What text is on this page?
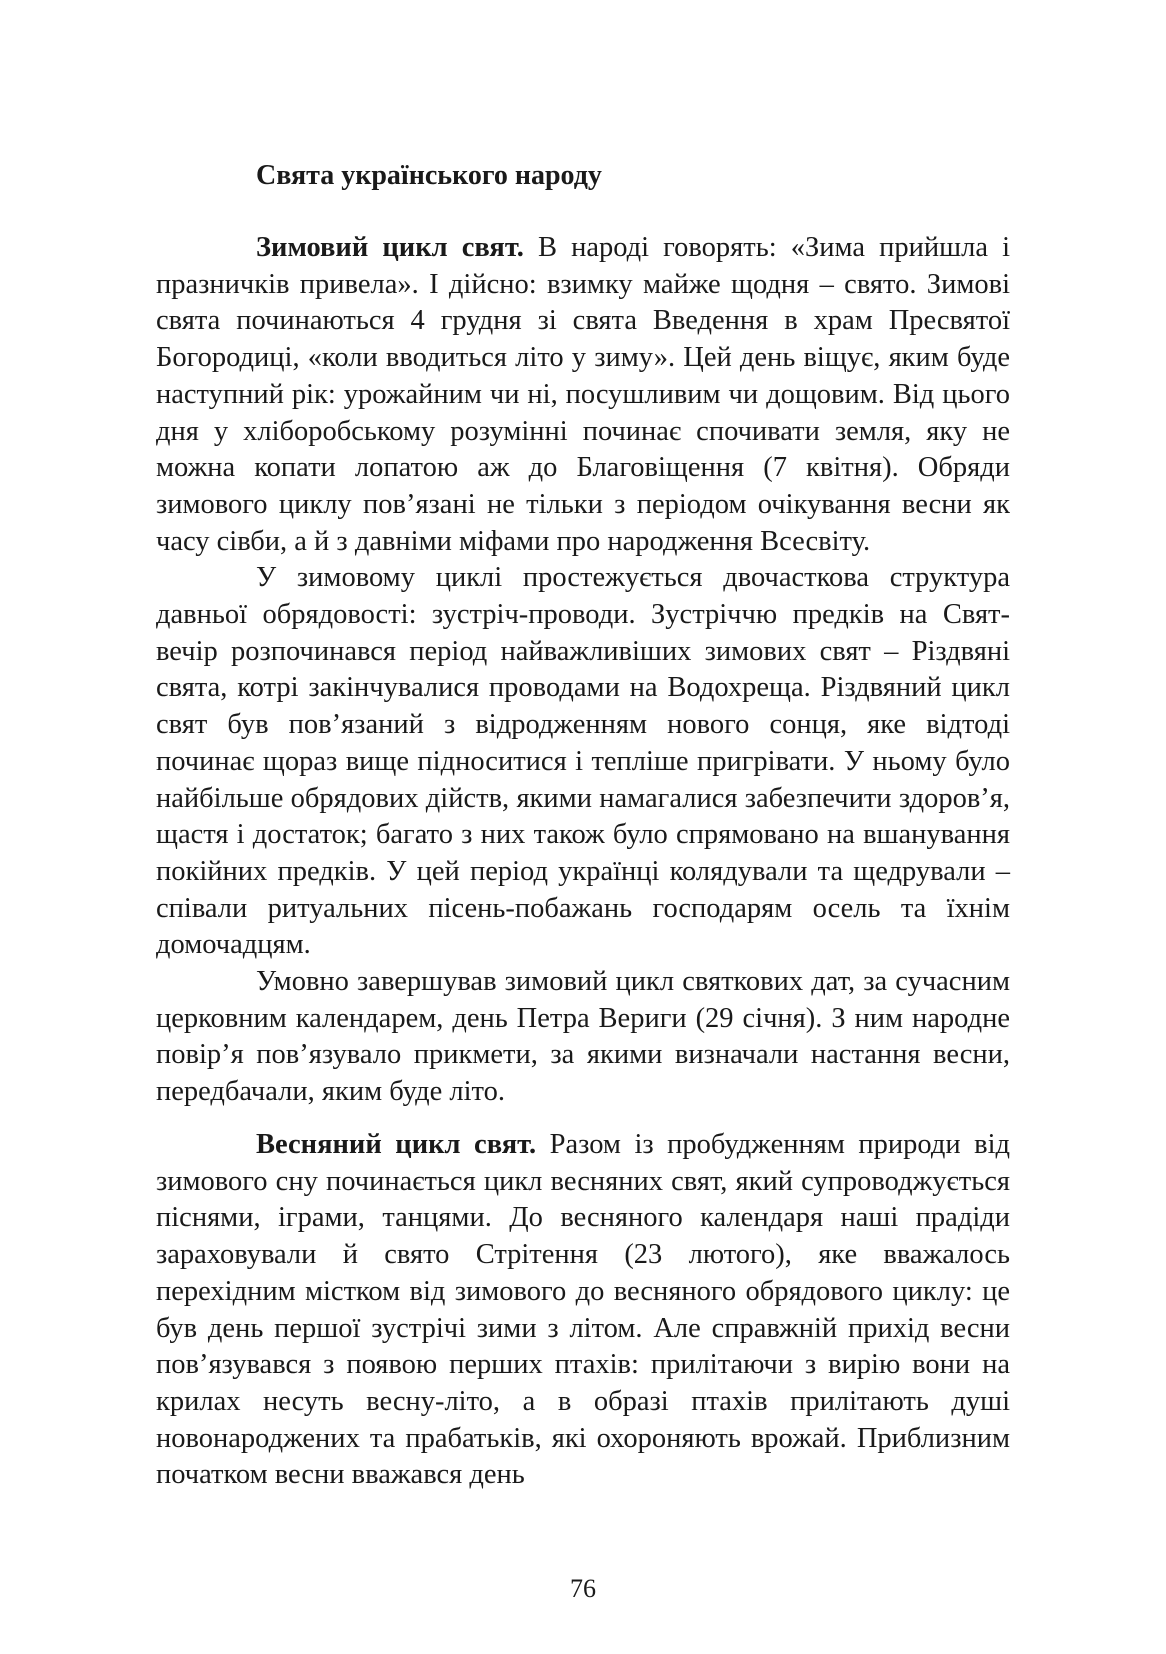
Свята українського народу

Зимовий цикл свят. В народі говорять: «Зима прийшла і празничків привела». І дійсно: взимку майже щодня – свято. Зимові свята починаються 4 грудня зі свята Введення в храм Пресвятої Богородиці, «коли вводиться літо у зиму». Цей день віщує, яким буде наступний рік: урожайним чи ні, посушливим чи дощовим. Від цього дня у хліборобському розумінні починає спочивати земля, яку не можна копати лопатою аж до Благовіщення (7 квітня). Обряди зимового циклу пов’язані не тільки з періодом очікування весни як часу сівби, а й з давніми міфами про народження Всесвіту.

У зимовому циклі простежується двочасткова структура давньої обрядовості: зустріч-проводи. Зустріччю предків на Свят-вечір розпочинався період найважливіших зимових свят – Різдвяні свята, котрі закінчувалися проводами на Водохреща. Різдвяний цикл свят був пов’язаний з відродженням нового сонця, яке відтоді починає щораз вище підноситися і тепліше пригрівати. У ньому було найбільше обрядових дійств, якими намагалися забезпечити здоров’я, щастя і достаток; багато з них також було спрямовано на вшанування покійних предків. У цей період українці колядували та щедрували – співали ритуальних пісень-побажань господарям осель та їхнім домочадцям.

Умовно завершував зимовий цикл святкових дат, за сучасним церковним календарем, день Петра Вериги (29 січня). З ним народне повір’я пов’язувало прикмети, за якими визначали настання весни, передбачали, яким буде літо.

Весняний цикл свят. Разом із пробудженням природи від зимового сну починається цикл весняних свят, який супроводжується піснями, іграми, танцями. До весняного календаря наші прадіди зараховували й свято Стрітення (23 лютого), яке вважалось перехідним містком від зимового до весняного обрядового циклу: це був день першої зустрічі зими з літом. Але справжній прихід весни пов’язувався з появою перших птахів: прилітаючи з вирію вони на крилах несуть весну-літо, а в образі птахів прилітають душі новонароджених та прабатьків, які охороняють врожай. Приблизним початком весни вважався день

76
